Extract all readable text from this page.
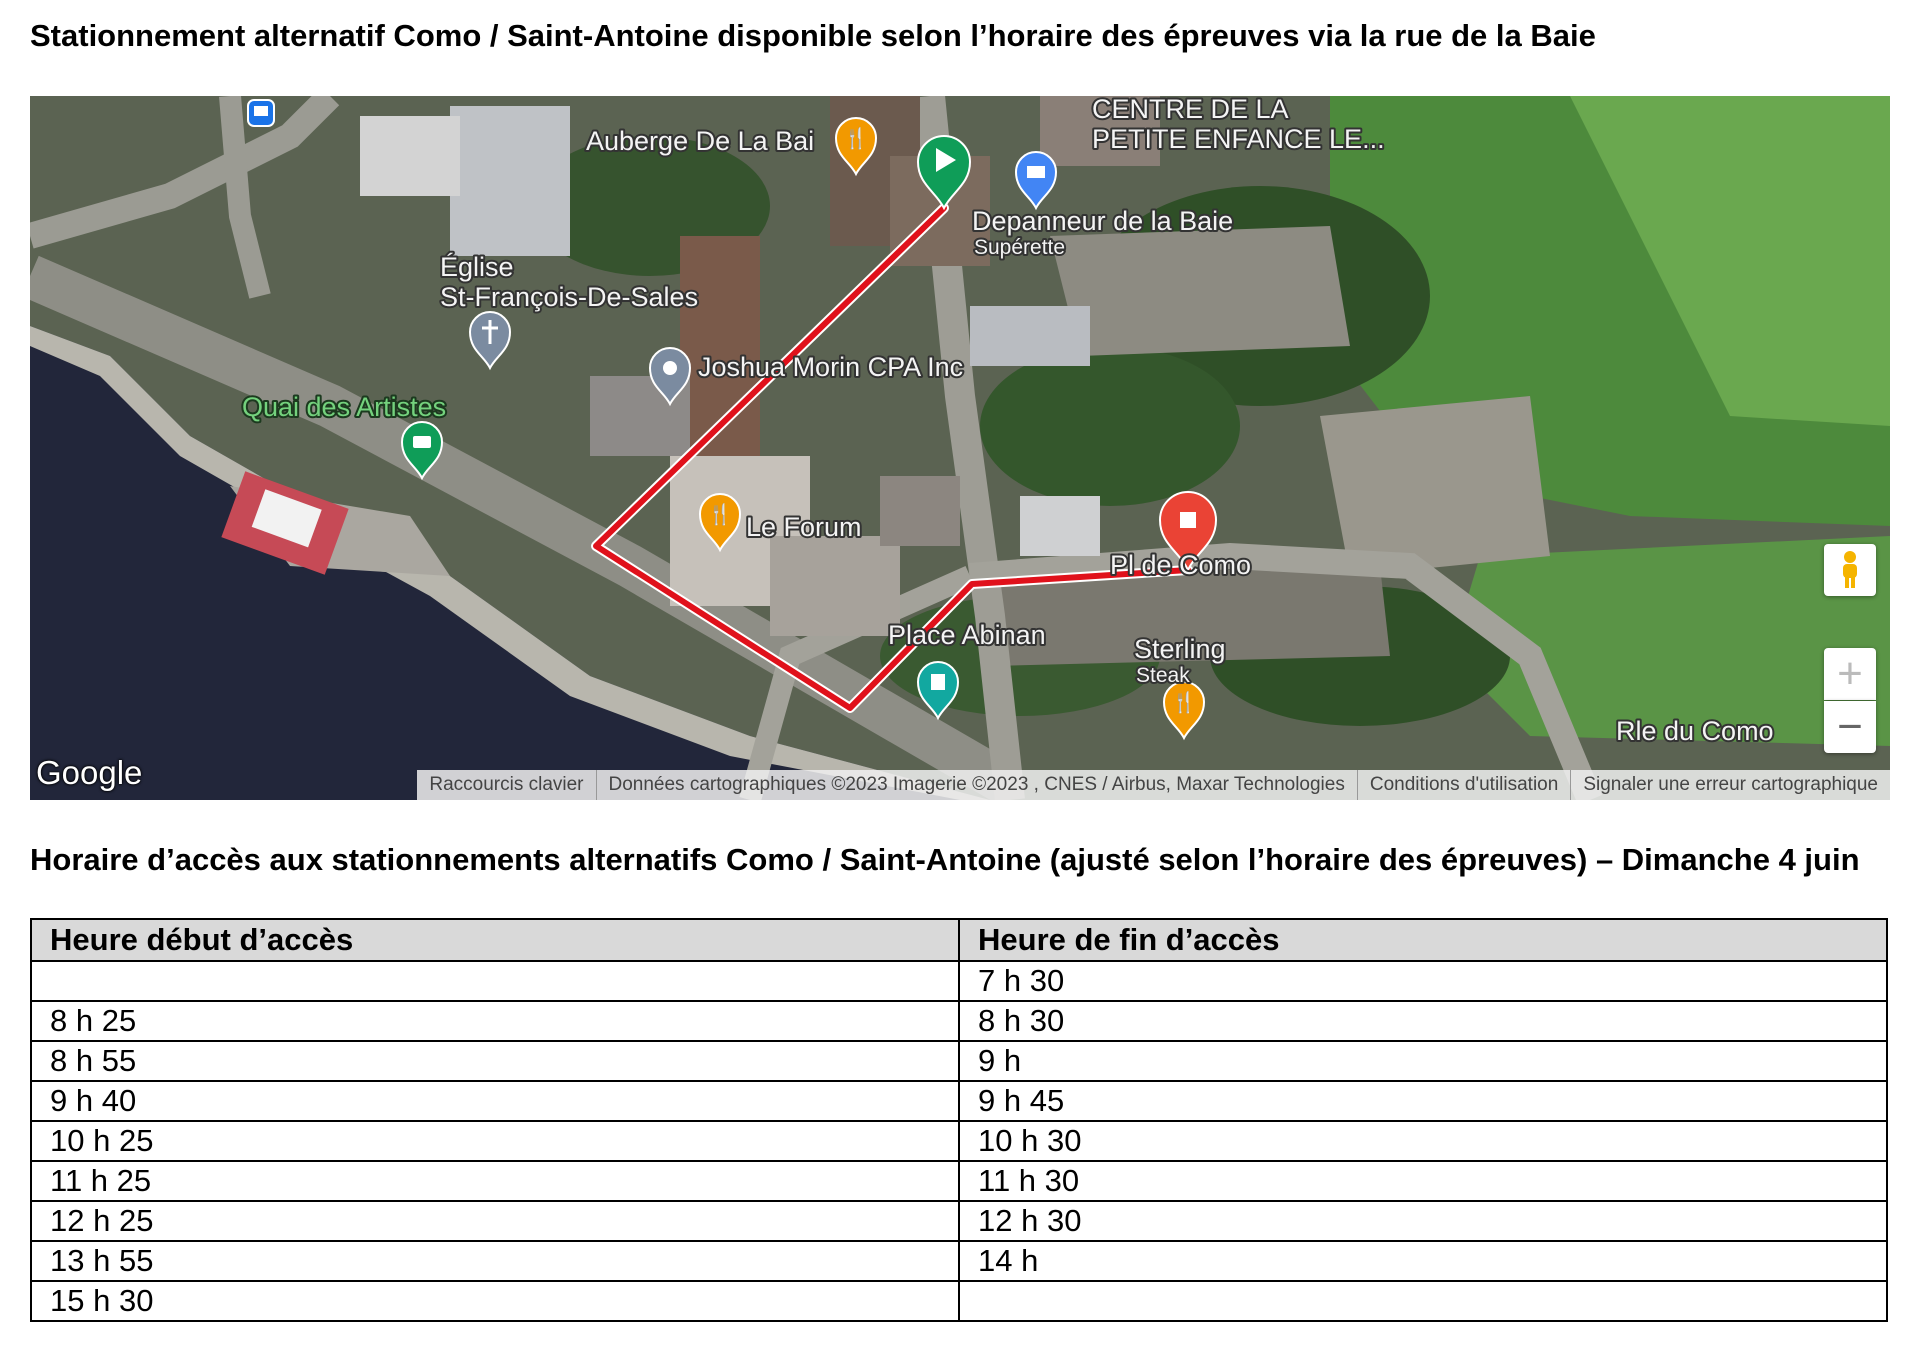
Stationnement alternatif Como / Saint-Antoine disponible selon l’horaire des épreuves via la rue de la Baie
🍴
🍴
🍴
Auberge De La Bai
CENTRE DE LA
PETITE ENFANCE LE...
Depanneur de la Baie
Supérette
Église
St-François-De-Sales
Joshua Morin CPA Inc
Quai des Artistes
Le Forum
Pl de Como
Place Abinan	Sterling
Steak
Rle du Como
Google
+
−
Raccourcis clavier	Données cartographiques ©2023 Imagerie ©2023 , CNES / Airbus, Maxar Technologies	Conditions d'utilisation	Signaler une erreur cartographique
Horaire d’accès aux stationnements alternatifs Como / Saint-Antoine (ajusté selon l’horaire des épreuves) – Dimanche 4 juin
Heure début d’accès	Heure de fin d’accès
	7 h 30
8 h 25	8 h 30
8 h 55	9 h
9 h 40	9 h 45
10 h 25	10 h 30
11 h 25	11 h 30
12 h 25	12 h 30
13 h 55	14 h
15 h 30	
